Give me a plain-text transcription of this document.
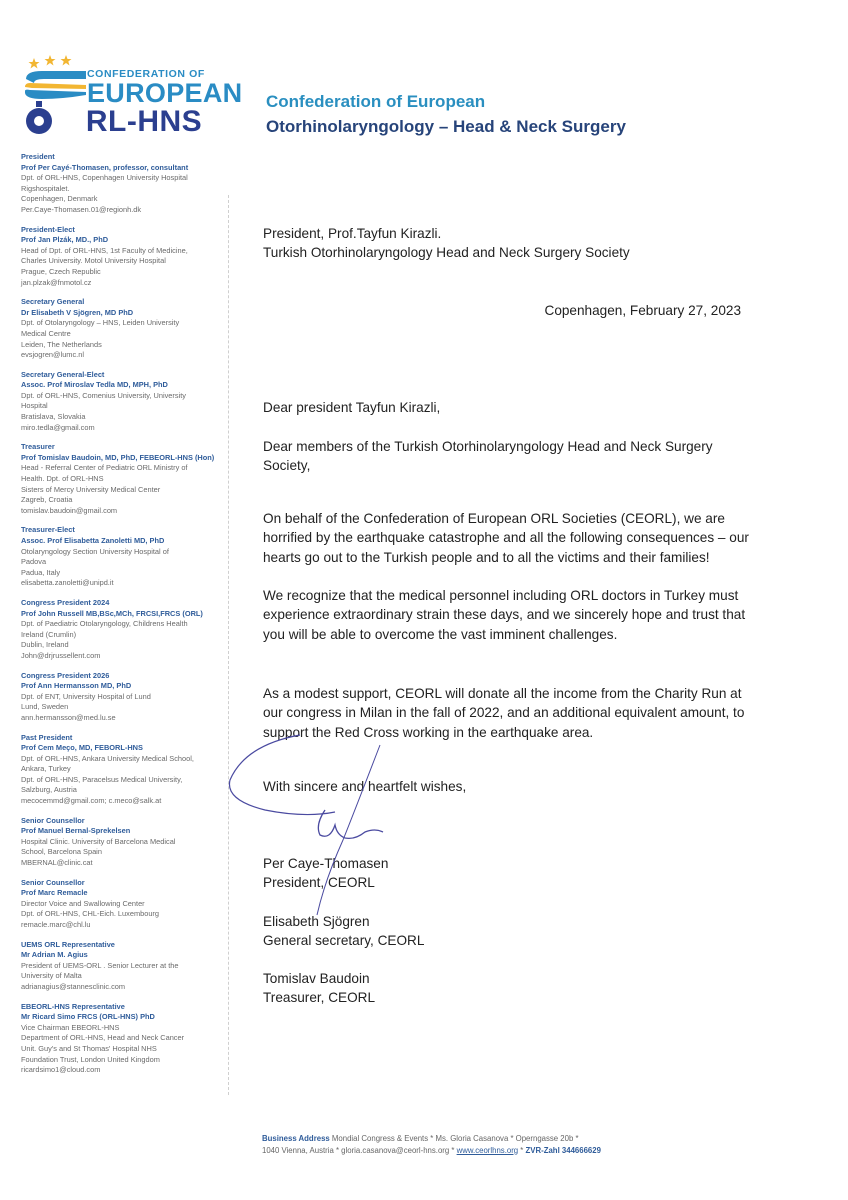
CONFEDERATION OF
EUROPEAN
RL-HNS
Confederation of European
Otorhinolaryngology – Head & Neck Surgery
President
Prof Per Cayé-Thomasen, professor, consultant
Dpt. of ORL-HNS, Copenhagen University Hospital
Rigshospitalet.
Copenhagen, Denmark
Per.Caye-Thomasen.01@regionh.dk
President-Elect
Prof Jan Plzák, MD., PhD
Head of Dpt. of ORL-HNS, 1st Faculty of Medicine,
Charles University. Motol University Hospital
Prague, Czech Republic
jan.plzak@fnmotol.cz
Secretary General
Dr Elisabeth V Sjögren, MD PhD
Dpt. of Otolaryngology – HNS, Leiden University
Medical Centre
Leiden, The Netherlands
evsjogren@lumc.nl
Secretary General-Elect
Assoc. Prof Miroslav Tedla MD, MPH, PhD
Dpt. of ORL-HNS, Comenius University, University
Hospital
Bratislava, Slovakia
miro.tedla@gmail.com
Treasurer
Prof Tomislav Baudoin, MD, PhD, FEBEORL-HNS (Hon)
Head - Referral Center of Pediatric ORL Ministry of
Health. Dpt. of ORL-HNS
Sisters of Mercy University Medical Center
Zagreb, Croatia
tomislav.baudoin@gmail.com
Treasurer-Elect
Assoc. Prof Elisabetta Zanoletti MD, PhD
Otolaryngology Section University Hospital of
Padova
Padua, Italy
elisabetta.zanoletti@unipd.it
Congress President 2024
Prof John Russell MB,BSc,MCh, FRCSI,FRCS (ORL)
Dpt. of Paediatric Otolaryngology, Childrens Health
Ireland (Crumlin)
Dublin, Ireland
John@drjrussellent.com
Congress President 2026
Prof Ann Hermansson MD, PhD
Dpt. of ENT, University Hospital of Lund
Lund, Sweden
ann.hermansson@med.lu.se
Past President
Prof Cem Meço, MD, FEBORL-HNS
Dpt. of ORL-HNS, Ankara University Medical School,
Ankara, Turkey
Dpt. of ORL-HNS, Paracelsus Medical University,
Salzburg, Austria
mecocemmd@gmail.com; c.meco@salk.at
Senior Counsellor
Prof Manuel Bernal-Sprekelsen
Hospital Clinic. University of Barcelona Medical
School, Barcelona Spain
MBERNAL@clinic.cat
Senior Counsellor
Prof Marc Remacle
Director Voice and Swallowing Center
Dpt. of ORL-HNS, CHL-Eich. Luxembourg
remacle.marc@chl.lu
UEMS ORL Representative
Mr Adrian M. Agius
President of UEMS-ORL . Senior Lecturer at the
University of Malta
adrianagius@stannesclinic.com
EBEORL-HNS Representative
Mr Ricard Simo FRCS (ORL-HNS) PhD
Vice Chairman EBEORL-HNS
Department of ORL-HNS, Head and Neck Cancer
Unit. Guy's and St Thomas' Hospital NHS
Foundation Trust, London United Kingdom
ricardsimo1@cloud.com

President, Prof.Tayfun Kirazli.

Turkish Otorhinolaryngology Head and Neck Surgery Society

Copenhagen, February 27, 2023
Dear president Tayfun Kirazli,
Dear members of the Turkish Otorhinolaryngology Head and Neck Surgery Society,

On behalf of the Confederation of European ORL Societies (CEORL), we are horrified by the earthquake catastrophe and all the following consequences – our hearts go out to the Turkish people and to all the victims and their families!

We recognize that the medical personnel including ORL doctors in Turkey must experience extraordinary strain these days, and we sincerely hope and trust that you will be able to overcome the vast imminent challenges.

As a modest support, CEORL will donate all the income from the Charity Run at our congress in Milan in the fall of 2022, and an additional equivalent amount, to support the Red Cross working in the earthquake area.

With sincere and heartfelt wishes,
Per Caye-Thomasen
President, CEORL
Elisabeth Sjögren
General secretary, CEORL
Tomislav Baudoin
Treasurer, CEORL
Business Address Mondial Congress & Events * Ms. Gloria Casanova * Operngasse 20b *
1040 Vienna, Austria * gloria.casanova@ceorl-hns.org * www.ceorlhns.org * ZVR-Zahl 344666629
